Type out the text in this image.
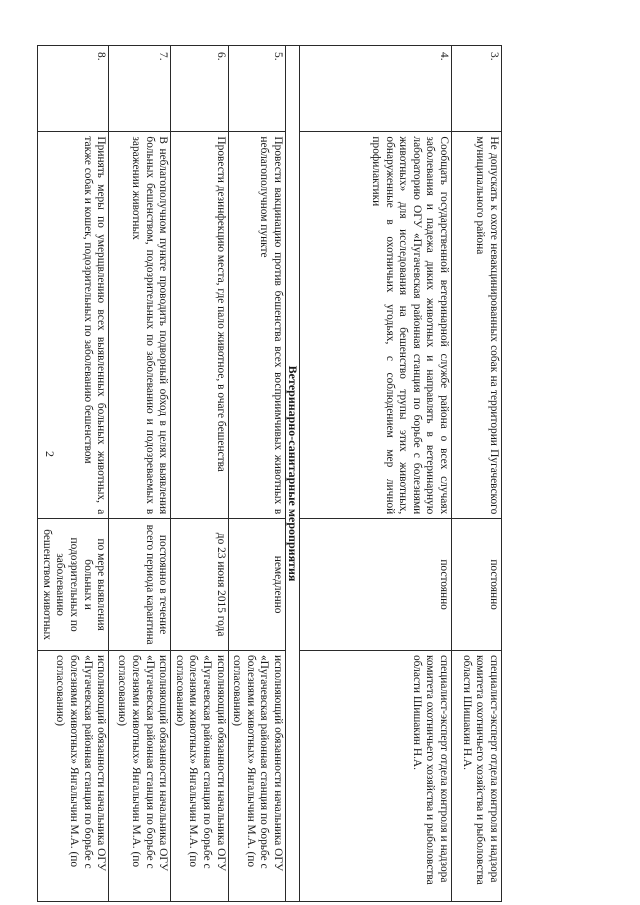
2
3.	Не допускать к охоте невакцинированных собак на территории Пугачевского муниципального района	постоянно	специалист-эксперт отдела контроля и надзора комитета охотничьего хозяйства и рыболовства области Шишакин Н.А.
4.	Сообщать государственной ветеринарной службе района о всех случаях заболевания и падежа диких животных и направлять в ветеринарную лабораторию ОГУ «Пугачевская районная станция по борьбе с болезнями животных» для исследования на бешенство трупы этих животных, обнаруженные в охотничьих угодьях, с соблюдением мер личной профилактики	постоянно	специалист-эксперт отдела контроля и надзора комитета охотничьего хозяйства и рыболовства области Шишакин Н.А.
Ветеринарно-санитарные мероприятия			
5.	Провести вакцинацию против бешенства всех восприимчивых животных в неблагополучном пункте	немедленно	исполняющий обязанности начальника ОГУ «Пугачевская районная станция по борьбе с болезнями животных» Янгалычин М.А. (по согласованию)
6.	Провести дезинфекцию места, где пало животное, в очаге бешенства	до 23 июня 2015 года	исполняющий обязанности начальника ОГУ «Пугачевская районная станция по борьбе с болезнями животных» Янгалычин М.А. (по согласованию)
7.	В неблагополучном пункте проводить подворный обход в целях выявления больных бешенством, подозрительных по заболеванию и подозреваемых в заражении животных	постоянно в течение всего периода карантина	исполняющий обязанности начальника ОГУ «Пугачевская районная станция по борьбе с болезнями животных» Янгалычин М.А. (по согласованию)
8.	Принять меры по умерщвлению всех выявленных больных животных, а также собак и кошек, подозрительных по заболеванию бешенством	по мере выявления больных и подозрительных по заболеванию бешенством животных	исполняющий обязанности начальника ОГУ «Пугачевская районная станция по борьбе с болезнями животных» Янгалычин М.А. (по согласованию)
